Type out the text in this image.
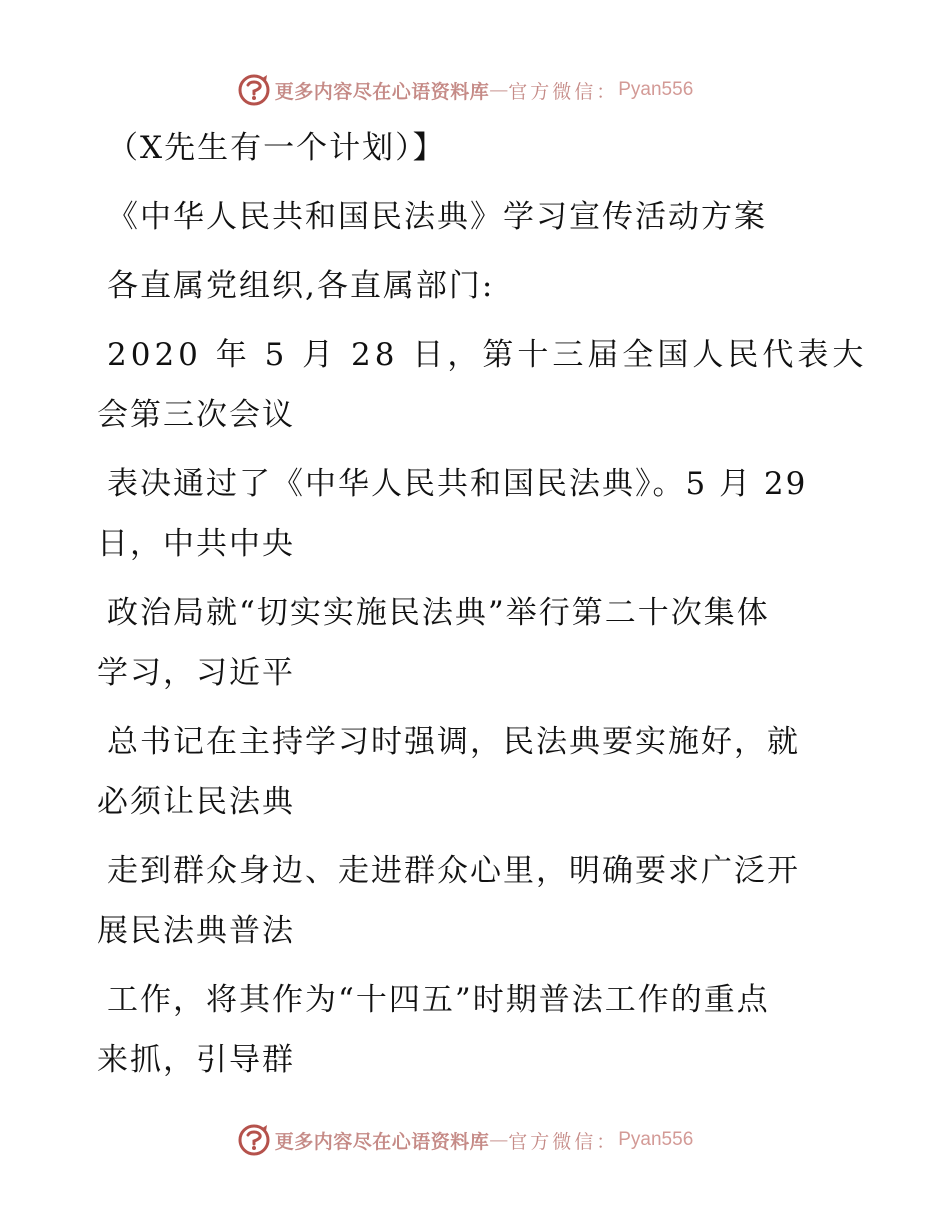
更多内容尽在心语资料库 — 官方微信： Pyan556
（X先生有一个计划）】
《中华人民共和国民法典》学习宣传活动方案
各直属党组织,各直属部门:
2020 年 5 月 28 日，第十三届全国人民代表大
会第三次会议
表决通过了《中华人民共和国民法典》。5 月 29
日，中共中央
政治局就“切实实施民法典”举行第二十次集体
学习，习近平
总书记在主持学习时强调，民法典要实施好，就
必须让民法典
走到群众身边、走进群众心里，明确要求广泛开
展民法典普法
工作，将其作为“十四五”时期普法工作的重点
来抓，引导群
更多内容尽在心语资料库 — 官方微信： Pyan556
